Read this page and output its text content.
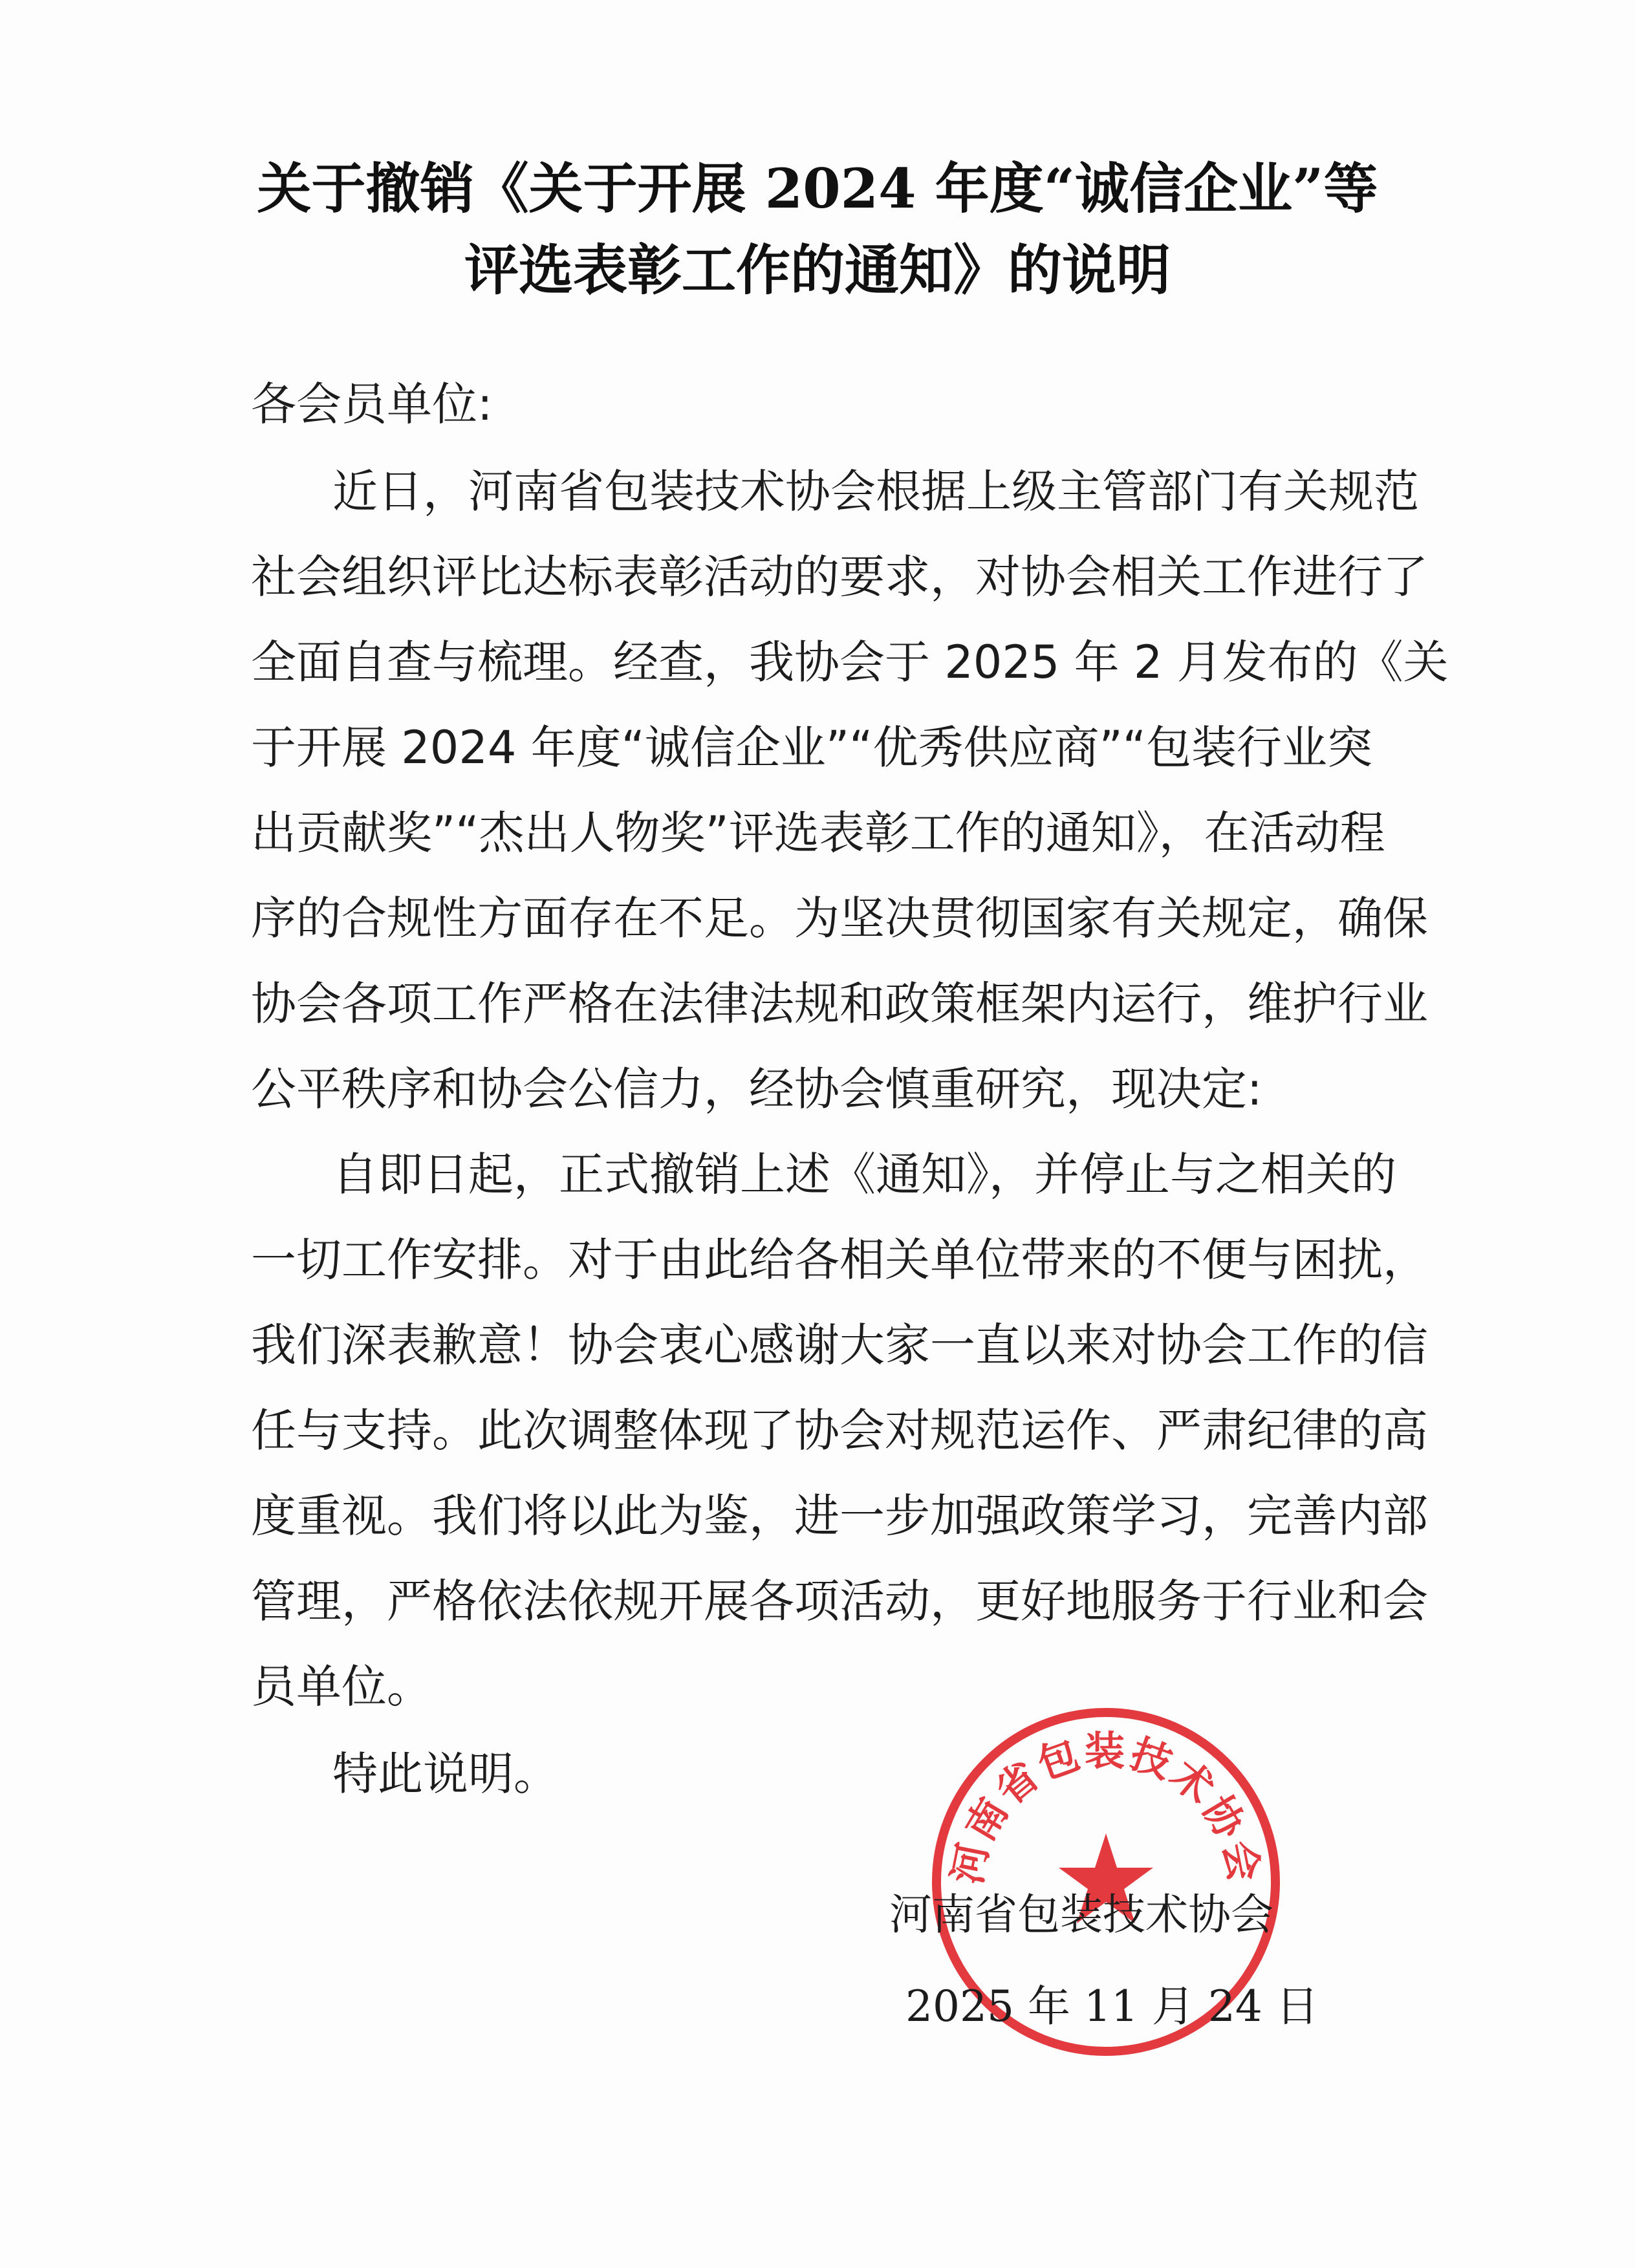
关于撤销《关于开展 2024 年度“诚信企业”等
评选表彰工作的通知》的说明
各会员单位:
近日，河南省包装技术协会根据上级主管部门有关规范
社会组织评比达标表彰活动的要求，对协会相关工作进行了
全面自查与梳理。经查，我协会于 2025 年 2 月发布的《关
于开展 2024 年度“诚信企业”“优秀供应商”“包装行业突
出贡献奖”“杰出人物奖”评选表彰工作的通知》，在活动程
序的合规性方面存在不足。为坚决贯彻国家有关规定，确保
协会各项工作严格在法律法规和政策框架内运行，维护行业
公平秩序和协会公信力，经协会慎重研究，现决定:
自即日起，正式撤销上述《通知》，并停止与之相关的
一切工作安排。对于由此给各相关单位带来的不便与困扰，
我们深表歉意！协会衷心感谢大家一直以来对协会工作的信
任与支持。此次调整体现了协会对规范运作、严肃纪律的高
度重视。我们将以此为鉴，进一步加强政策学习，完善内部
管理，严格依法依规开展各项活动，更好地服务于行业和会
员单位。
特此说明。
河南省包装技术协会
河南省包装技术协会
2025 年 11 月 24 日
